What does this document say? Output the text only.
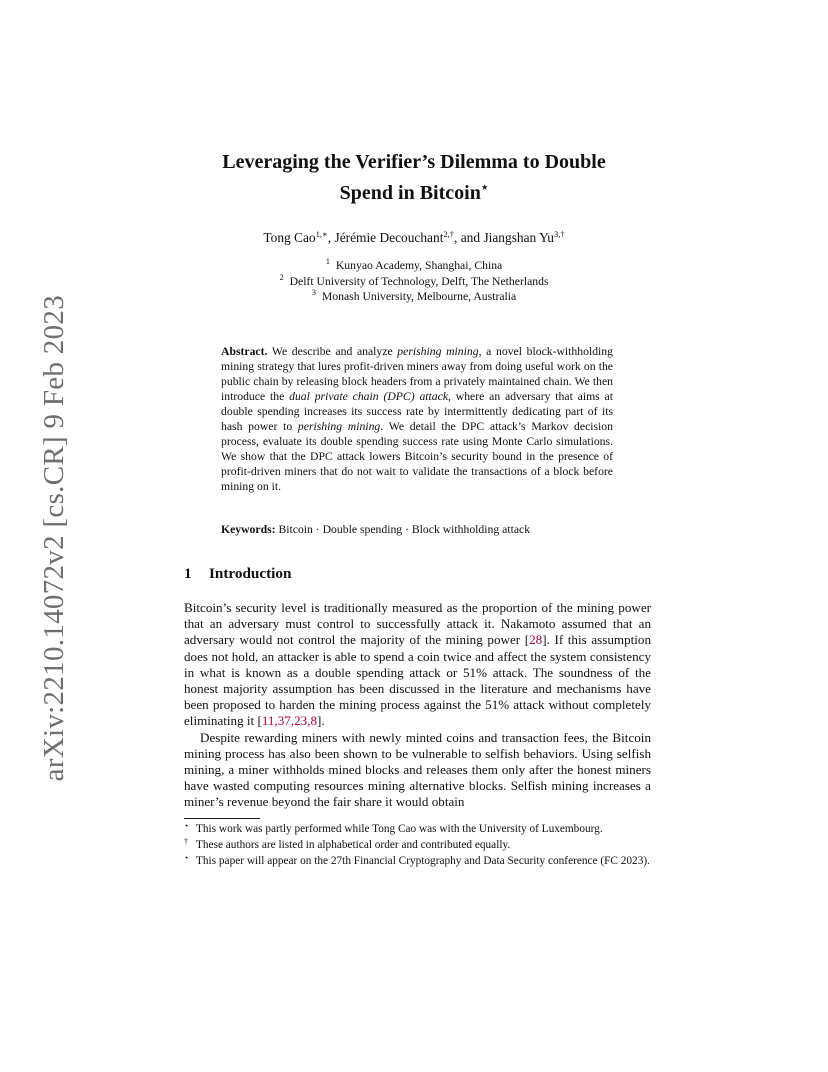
arXiv:2210.14072v2 [cs.CR] 9 Feb 2023
Leveraging the Verifier’s Dilemma to Double
Spend in Bitcoin⋆
Tong Cao$^{1,∗}$, Jérémie Decouchant$^{2,\dagger}$, and Jiangshan $Yu^{3,\dagger}$
$^1$ Kunyao Academy, Shanghai, China
$^2$ Delft University of Technology, Delft, The Netherlands
$^3$ Monash University, Melbourne, Australia
Abstract. We describe and analyze perishing mining, a novel block-withholding mining strategy that lures profit-driven miners away from doing useful work on the public chain by releasing block headers from a privately maintained chain. We then introduce the dual private chain (DPC) attack, where an adversary that aims at double spending increases its success rate by intermittently dedicating part of its hash power to perishing mining. We detail the DPC attack’s Markov decision process, evaluate its double spending success rate using Monte Carlo simulations. We show that the DPC attack lowers Bitcoin’s security bound in the presence of profit-driven miners that do not wait to validate the transactions of a block before mining on it.
Keywords: Bitcoin · Double spending · Block withholding attack
1 Introduction

Bitcoin’s security level is traditionally measured as the proportion of the mining power that an adversary must control to successfully attack it. Nakamoto assumed that an adversary would not control the majority of the mining power [28]. If this assumption does not hold, an attacker is able to spend a coin twice and affect the system consistency in what is known as a double spending attack or 51% attack. The soundness of the honest majority assumption has been discussed in the literature and mechanisms have been proposed to harden the mining process against the 51% attack without completely eliminating it [11,37,23,8].

Despite rewarding miners with newly minted coins and transaction fees, the Bitcoin mining process has also been shown to be vulnerable to selfish behaviors. Using selfish mining, a miner withholds mined blocks and releases them only after the honest miners have wasted computing resources mining alternative blocks. Selfish mining increases a miner’s revenue beyond the fair share it would obtain

⋆ This work was partly performed while Tong Cao was with the University of Luxembourg.
† These authors are listed in alphabetical order and contributed equally.
⋆ This paper will appear on the 27th Financial Cryptography and Data Security conference (FC 2023).
